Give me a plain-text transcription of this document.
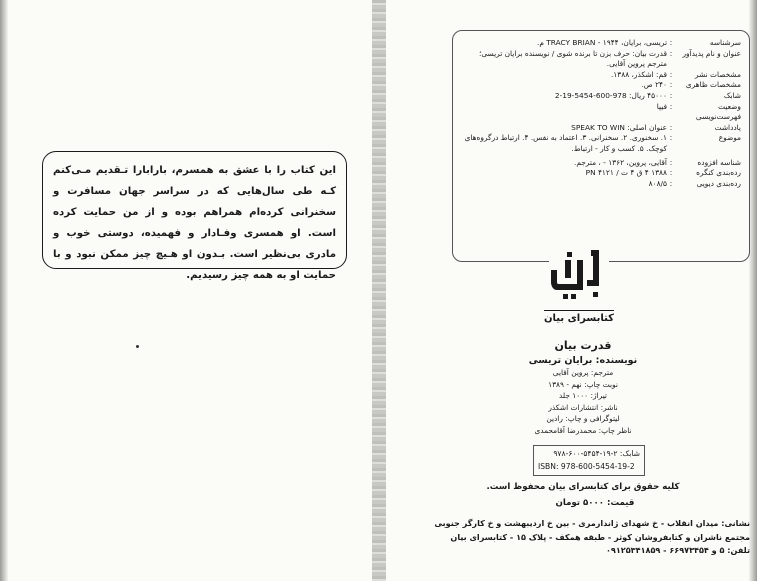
این کتاب را با عشق به همسرم، بارابارا تـقدیم مـی‌کنم کـه طی سال‌هایی که در سراسر جهان مسافرت و سخنرانی کرده‌ام همراهم بوده و از من حمایت کرده است. او همسری وفـادار و فهمیده، دوستی خوب و مادری بی‌نظیر است. بـدون او هـیچ چیز ممکن نبود و با حمایت او به همه چیز رسیدیم.

سرشناسه
:
تریسی، برایان، ۱۹۴۴ - TRACY BRIAN م.
عنوان و نام پدیدآور
:
قدرت بیان: حرف بزن تا برنده شوی / نویسنده برایان تریسی؛ مترجم پروین آقایی.
مشخصات نشر
:
قم: اشکذر، ۱۳۸۸.
مشخصات ظاهری
:
۲۴۰ ص.
شابک
:
۴۵۰۰۰ ریال: 978-600-5454-19-2
وضعیت فهرست‌نویسی
:
فیپا
یادداشت
:
عنوان اصلی: SPEAK TO WIN
موضوع
:
۱. سخنوری. ۲. سخنرانی. ۳. اعتماد به نفس. ۴. ارتباط درگروه‌های کوچک. ۵. کسب و کار - ارتباط.
شناسه افزوده
:
آقایی، پروین، ۱۳۶۲ - ، مترجم.
رده‌بندی کنگره
:
۱۳۸۸ ۴ ق ۴ ت / PN ۴۱۲۱
رده‌بندی دیویی
:
۸۰۸/۵
کتابسرای بیان

قدرت بیان

نویسنده: برایان تریسی

مترجم: پروین آقایی

نوبت چاپ: نهم - ۱۳۸۹

تیراژ: ۱۰۰۰ جلد

ناشر: انتشارات اشکذر

لیتوگرافی و چاپ: رادین

ناظر چاپ: محمدرضا آقامحمدی

شابک: ۲-۱۹-۵۴۵۴-۶۰۰-۹۷۸
ISBN: 978-600-5454-19-2
کلیه حقوق برای کتابسرای بیان محفوظ است.
قیمت: ۵۰۰۰ تومان
نشانی: میدان انقلاب - خ شهدای ژاندارمری - بین خ اردیبهشت و خ کارگر جنوبی
مجتمع ناشران و کتابفروشان کوثر - طبقه همکف - پلاک ۱۵ - کتابسرای بیان
تلفن: ۵ و ۶۶۹۷۳۴۵۴ - ۰۹۱۲۵۳۴۱۸۵۹
